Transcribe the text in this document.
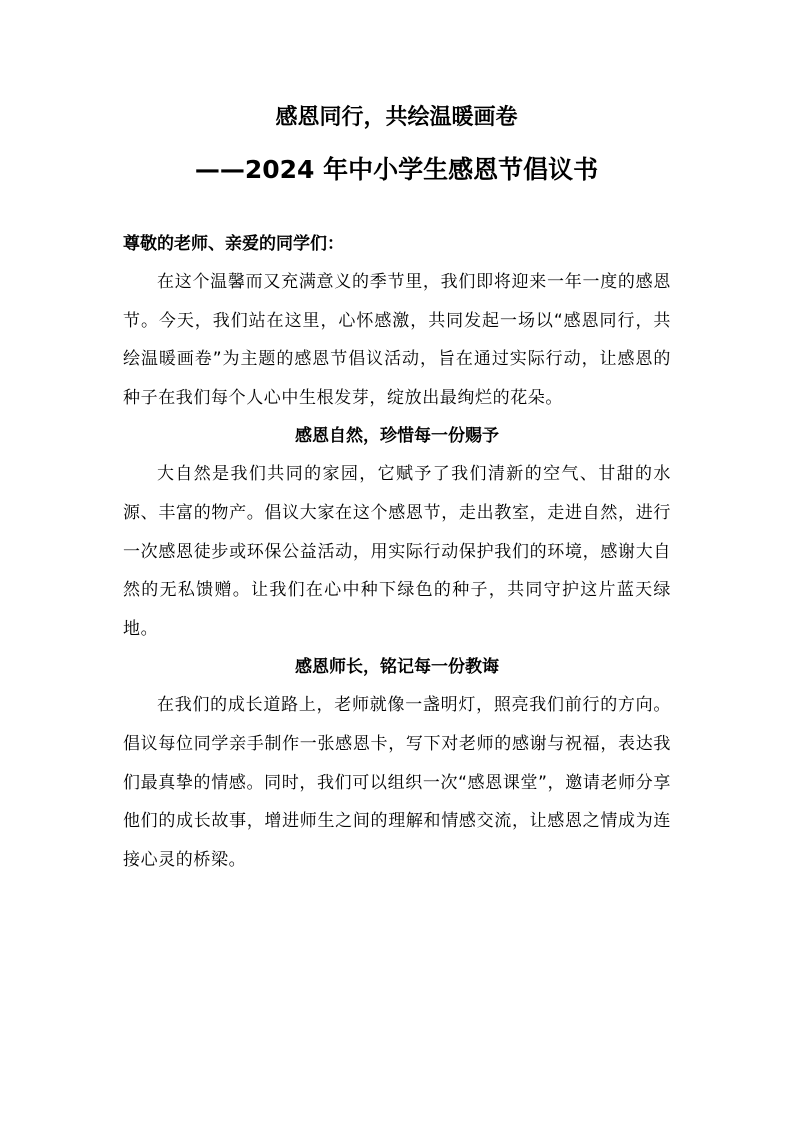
感恩同行，共绘温暖画卷
——2024 年中小学生感恩节倡议书

尊敬的老师、亲爱的同学们：

在这个温馨而又充满意义的季节里，我们即将迎来一年一度的感恩节。今天，我们站在这里，心怀感激，共同发起一场以“感恩同行，共绘温暖画卷”为主题的感恩节倡议活动，旨在通过实际行动，让感恩的种子在我们每个人心中生根发芽，绽放出最绚烂的花朵。

感恩自然，珍惜每一份赐予

大自然是我们共同的家园，它赋予了我们清新的空气、甘甜的水源、丰富的物产。倡议大家在这个感恩节，走出教室，走进自然，进行一次感恩徒步或环保公益活动，用实际行动保护我们的环境，感谢大自然的无私馈赠。让我们在心中种下绿色的种子，共同守护这片蓝天绿地。

感恩师长，铭记每一份教诲

在我们的成长道路上，老师就像一盏明灯，照亮我们前行的方向。倡议每位同学亲手制作一张感恩卡，写下对老师的感谢与祝福，表达我们最真挚的情感。同时，我们可以组织一次“感恩课堂”，邀请老师分享他们的成长故事，增进师生之间的理解和情感交流，让感恩之情成为连接心灵的桥梁。
